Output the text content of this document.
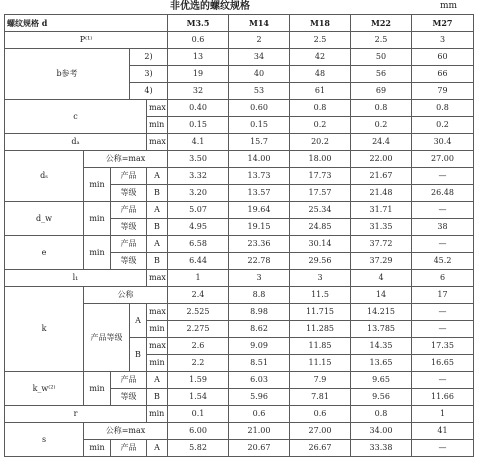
非优选的螺纹规格	mm
螺纹规格 d					M3.5	M14	M18	M22	M27
P⁽¹⁾					0.6	2	2.5	2.5	3
b参考			2)		13	34	42	50	60
			3)		19	40	48	56	66
			4)		32	53	61	69	79
c				max	0.40	0.60	0.8	0.8	0.8
				min	0.15	0.15	0.2	0.2	0.2
dₐ				max	4.1	15.7	20.2	24.4	30.4
dₛ	公称=max				3.50	14.00	18.00	22.00	27.00
	min	产品		A	3.32	13.73	17.73	21.67	—
		等级		B	3.20	13.57	17.57	21.48	26.48
d_w	min	产品		A	5.07	19.64	25.34	31.71	—
		等级		B	4.95	19.15	24.85	31.35	38
e	min	产品		A	6.58	23.36	30.14	37.72	—
		等级		B	6.44	22.78	29.56	37.29	45.2
l₁				max	1	3	3	4	6
k	公称				2.4	8.8	11.5	14	17
	产品等级		A	max	2.525	8.98	11.715	14.215	—
				min	2.275	8.62	11.285	13.785	—
			B	max	2.6	9.09	11.85	14.35	17.35
				min	2.2	8.51	11.15	13.65	16.65
k_w⁽²⁾	min	产品		A	1.59	6.03	7.9	9.65	—
		等级		B	1.54	5.96	7.81	9.56	11.66
r				min	0.1	0.6	0.6	0.8	1
s	公称=max				6.00	21.00	27.00	34.00	41
	min	产品		A	5.82	20.67	26.67	33.38	—
